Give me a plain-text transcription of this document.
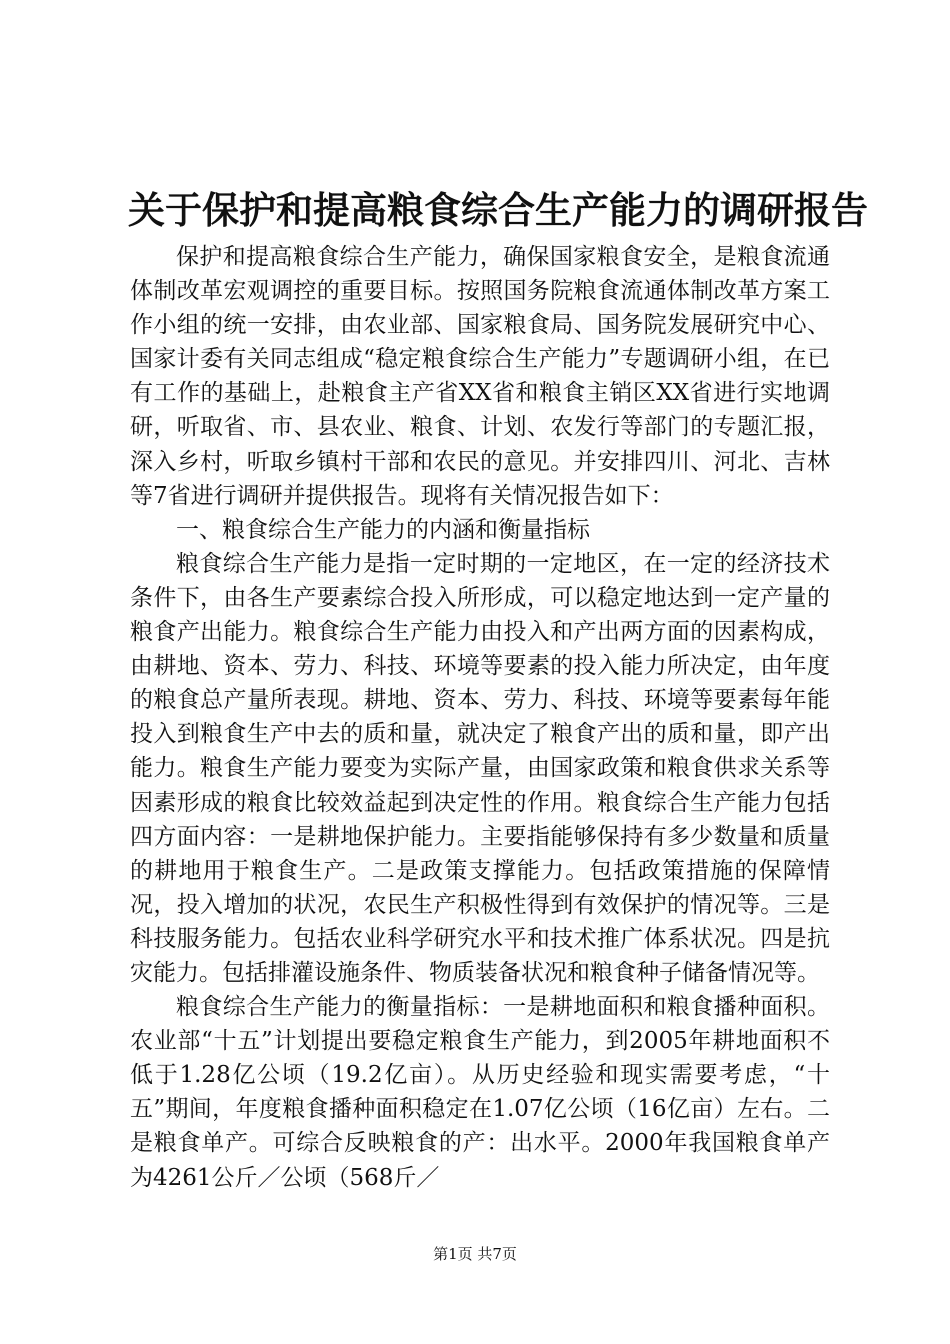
关于保护和提高粮食综合生产能力的调研报告

保护和提高粮食综合生产能力，确保国家粮食安全，是粮食流通体制改革宏观调控的重要目标。按照国务院粮食流通体制改革方案工作小组的统一安排，由农业部、国家粮食局、国务院发展研究中心、国家计委有关同志组成“稳定粮食综合生产能力”专题调研小组，在已有工作的基础上，赴粮食主产省XX省和粮食主销区XX省进行实地调研，听取省、市、县农业、粮食、计划、农发行等部门的专题汇报，深入乡村，听取乡镇村干部和农民的意见。并安排四川、河北、吉林等7省进行调研并提供报告。现将有关情况报告如下：

一、粮食综合生产能力的内涵和衡量指标

粮食综合生产能力是指一定时期的一定地区，在一定的经济技术条件下，由各生产要素综合投入所形成，可以稳定地达到一定产量的粮食产出能力。粮食综合生产能力由投入和产出两方面的因素构成，由耕地、资本、劳力、科技、环境等要素的投入能力所决定，由年度的粮食总产量所表现。耕地、资本、劳力、科技、环境等要素每年能投入到粮食生产中去的质和量，就决定了粮食产出的质和量，即产出能力。粮食生产能力要变为实际产量，由国家政策和粮食供求关系等因素形成的粮食比较效益起到决定性的作用。粮食综合生产能力包括四方面内容：一是耕地保护能力。主要指能够保持有多少数量和质量的耕地用于粮食生产。二是政策支撑能力。包括政策措施的保障情况，投入增加的状况，农民生产积极性得到有效保护的情况等。三是科技服务能力。包括农业科学研究水平和技术推广体系状况。四是抗灾能力。包括排灌设施条件、物质装备状况和粮食种子储备情况等。

粮食综合生产能力的衡量指标：一是耕地面积和粮食播种面积。农业部“十五”计划提出要稳定粮食生产能力，到2005年耕地面积不低于1.28亿公顷（19.2亿亩）。从历史经验和现实需要考虑，“十五”期间，年度粮食播种面积稳定在1.07亿公顷（16亿亩）左右。二是粮食单产。可综合反映粮食的产：出水平。2000年我国粮食单产为4261公斤／公顷（568斤／

第1页 共7页
